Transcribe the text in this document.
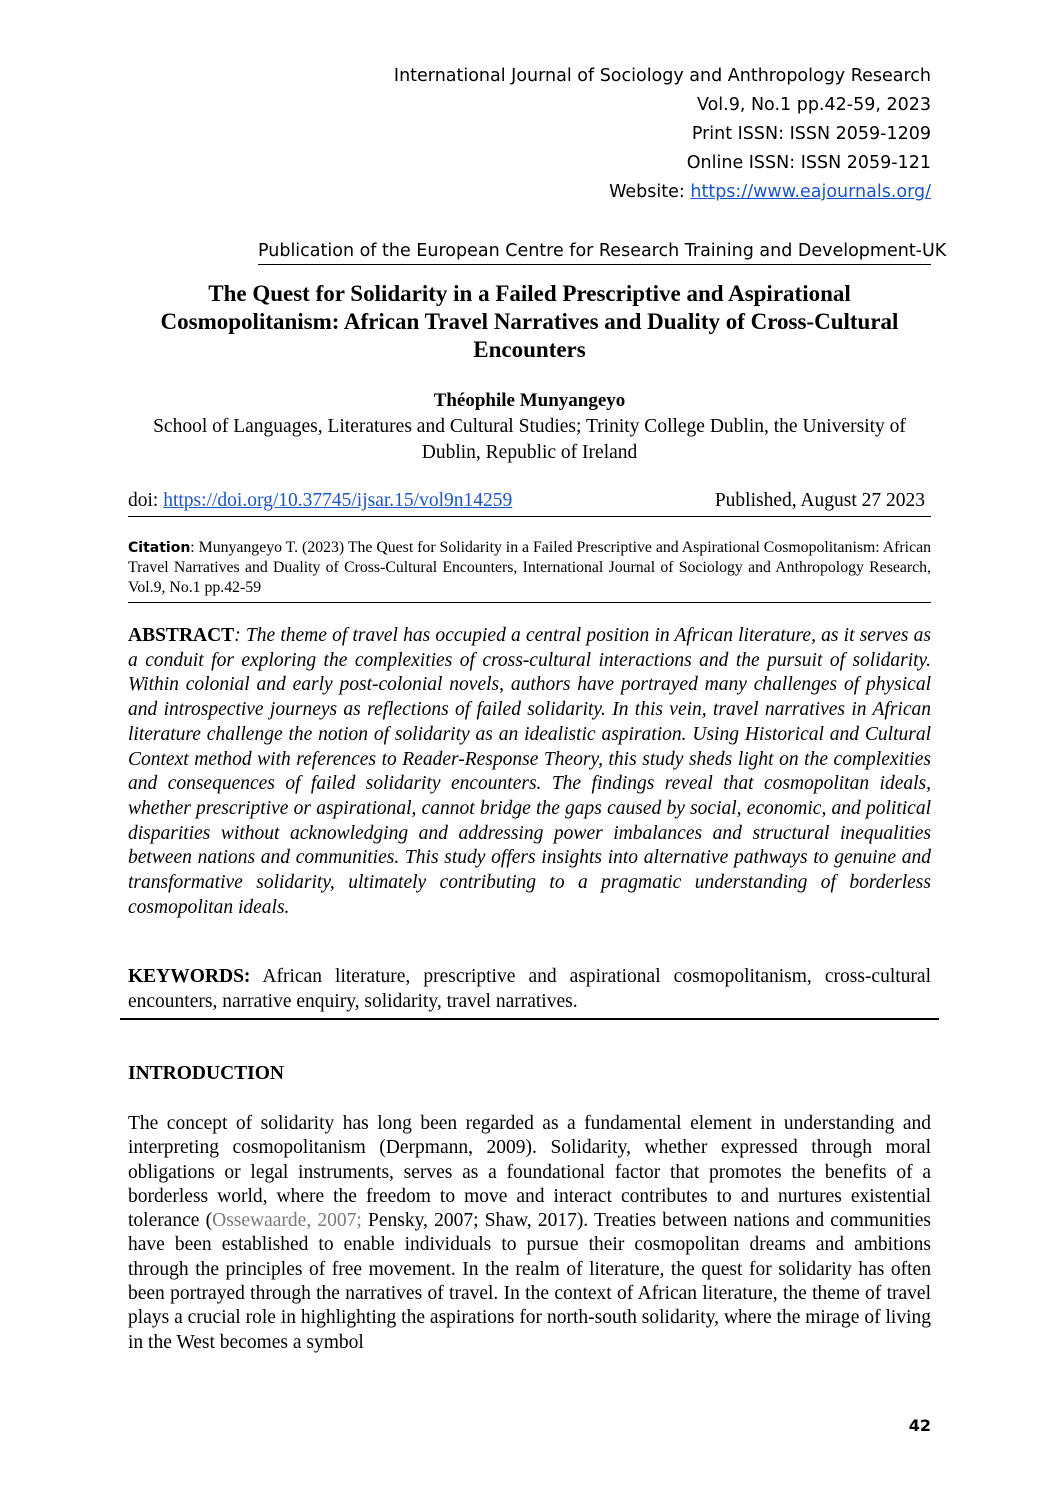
International Journal of Sociology and Anthropology Research
Vol.9, No.1 pp.42-59, 2023
Print ISSN: ISSN 2059-1209
Online ISSN: ISSN 2059-121
Website: https://www.eajournals.org/
Publication of the European Centre for Research Training and Development-UK
The Quest for Solidarity in a Failed Prescriptive and Aspirational Cosmopolitanism: African Travel Narratives and Duality of Cross-Cultural Encounters
Théophile Munyangeyo
School of Languages, Literatures and Cultural Studies; Trinity College Dublin, the University of Dublin, Republic of Ireland
doi: https://doi.org/10.37745/ijsar.15/vol9n14259	Published, August 27 2023
Citation: Munyangeyo T. (2023) The Quest for Solidarity in a Failed Prescriptive and Aspirational Cosmopolitanism: African Travel Narratives and Duality of Cross-Cultural Encounters, International Journal of Sociology and Anthropology Research, Vol.9, No.1 pp.42-59
ABSTRACT: The theme of travel has occupied a central position in African literature, as it serves as a conduit for exploring the complexities of cross-cultural interactions and the pursuit of solidarity. Within colonial and early post-colonial novels, authors have portrayed many challenges of physical and introspective journeys as reflections of failed solidarity. In this vein, travel narratives in African literature challenge the notion of solidarity as an idealistic aspiration. Using Historical and Cultural Context method with references to Reader-Response Theory, this study sheds light on the complexities and consequences of failed solidarity encounters. The findings reveal that cosmopolitan ideals, whether prescriptive or aspirational, cannot bridge the gaps caused by social, economic, and political disparities without acknowledging and addressing power imbalances and structural inequalities between nations and communities. This study offers insights into alternative pathways to genuine and transformative solidarity, ultimately contributing to a pragmatic understanding of borderless cosmopolitan ideals.
KEYWORDS: African literature, prescriptive and aspirational cosmopolitanism, cross-cultural encounters, narrative enquiry, solidarity, travel narratives.
INTRODUCTION
The concept of solidarity has long been regarded as a fundamental element in understanding and interpreting cosmopolitanism (Derpmann, 2009). Solidarity, whether expressed through moral obligations or legal instruments, serves as a foundational factor that promotes the benefits of a borderless world, where the freedom to move and interact contributes to and nurtures existential tolerance (Ossewaarde, 2007; Pensky, 2007; Shaw, 2017). Treaties between nations and communities have been established to enable individuals to pursue their cosmopolitan dreams and ambitions through the principles of free movement. In the realm of literature, the quest for solidarity has often been portrayed through the narratives of travel. In the context of African literature, the theme of travel plays a crucial role in highlighting the aspirations for north-south solidarity, where the mirage of living in the West becomes a symbol
42
